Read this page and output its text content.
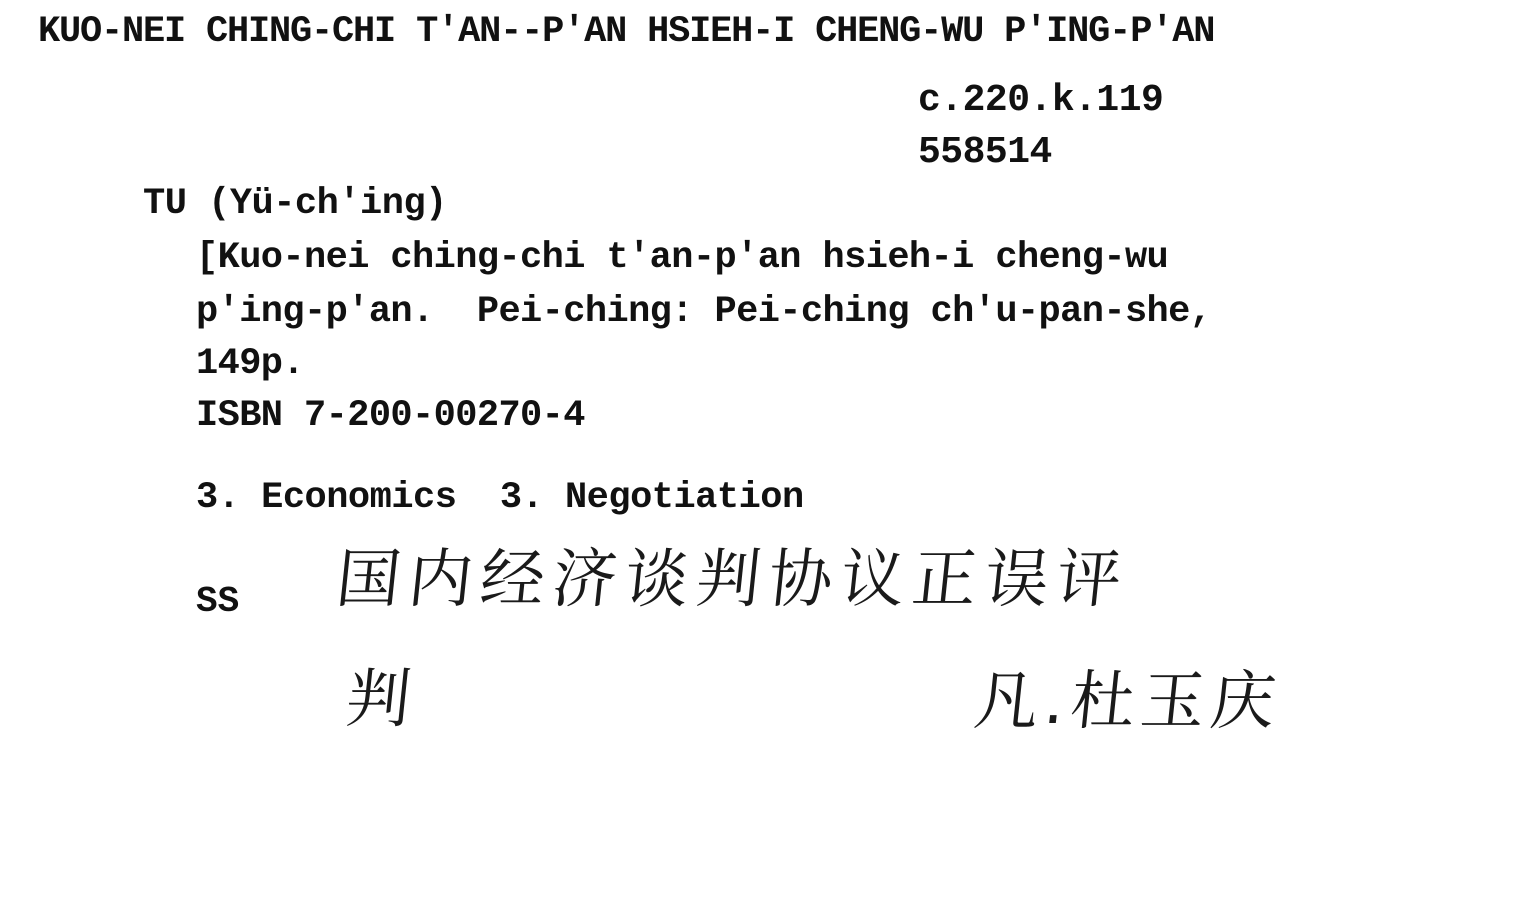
KUO-NEI CHING-CHI T'AN--P'AN HSIEH-I CHENG-WU P'ING-P'AN
c.220.k.119
558514
TU (Yü-ch'ing)
[Kuo-nei ching-chi t'an-p'an hsieh-i cheng-wu
p'ing-p'an.  Pei-ching: Pei-ching ch'u-pan-she,
149p.
ISBN 7-200-00270-4
3. Economics  3. Negotiation
SS 国内经济谈判协议正误评
判	凡.杜玉庆
